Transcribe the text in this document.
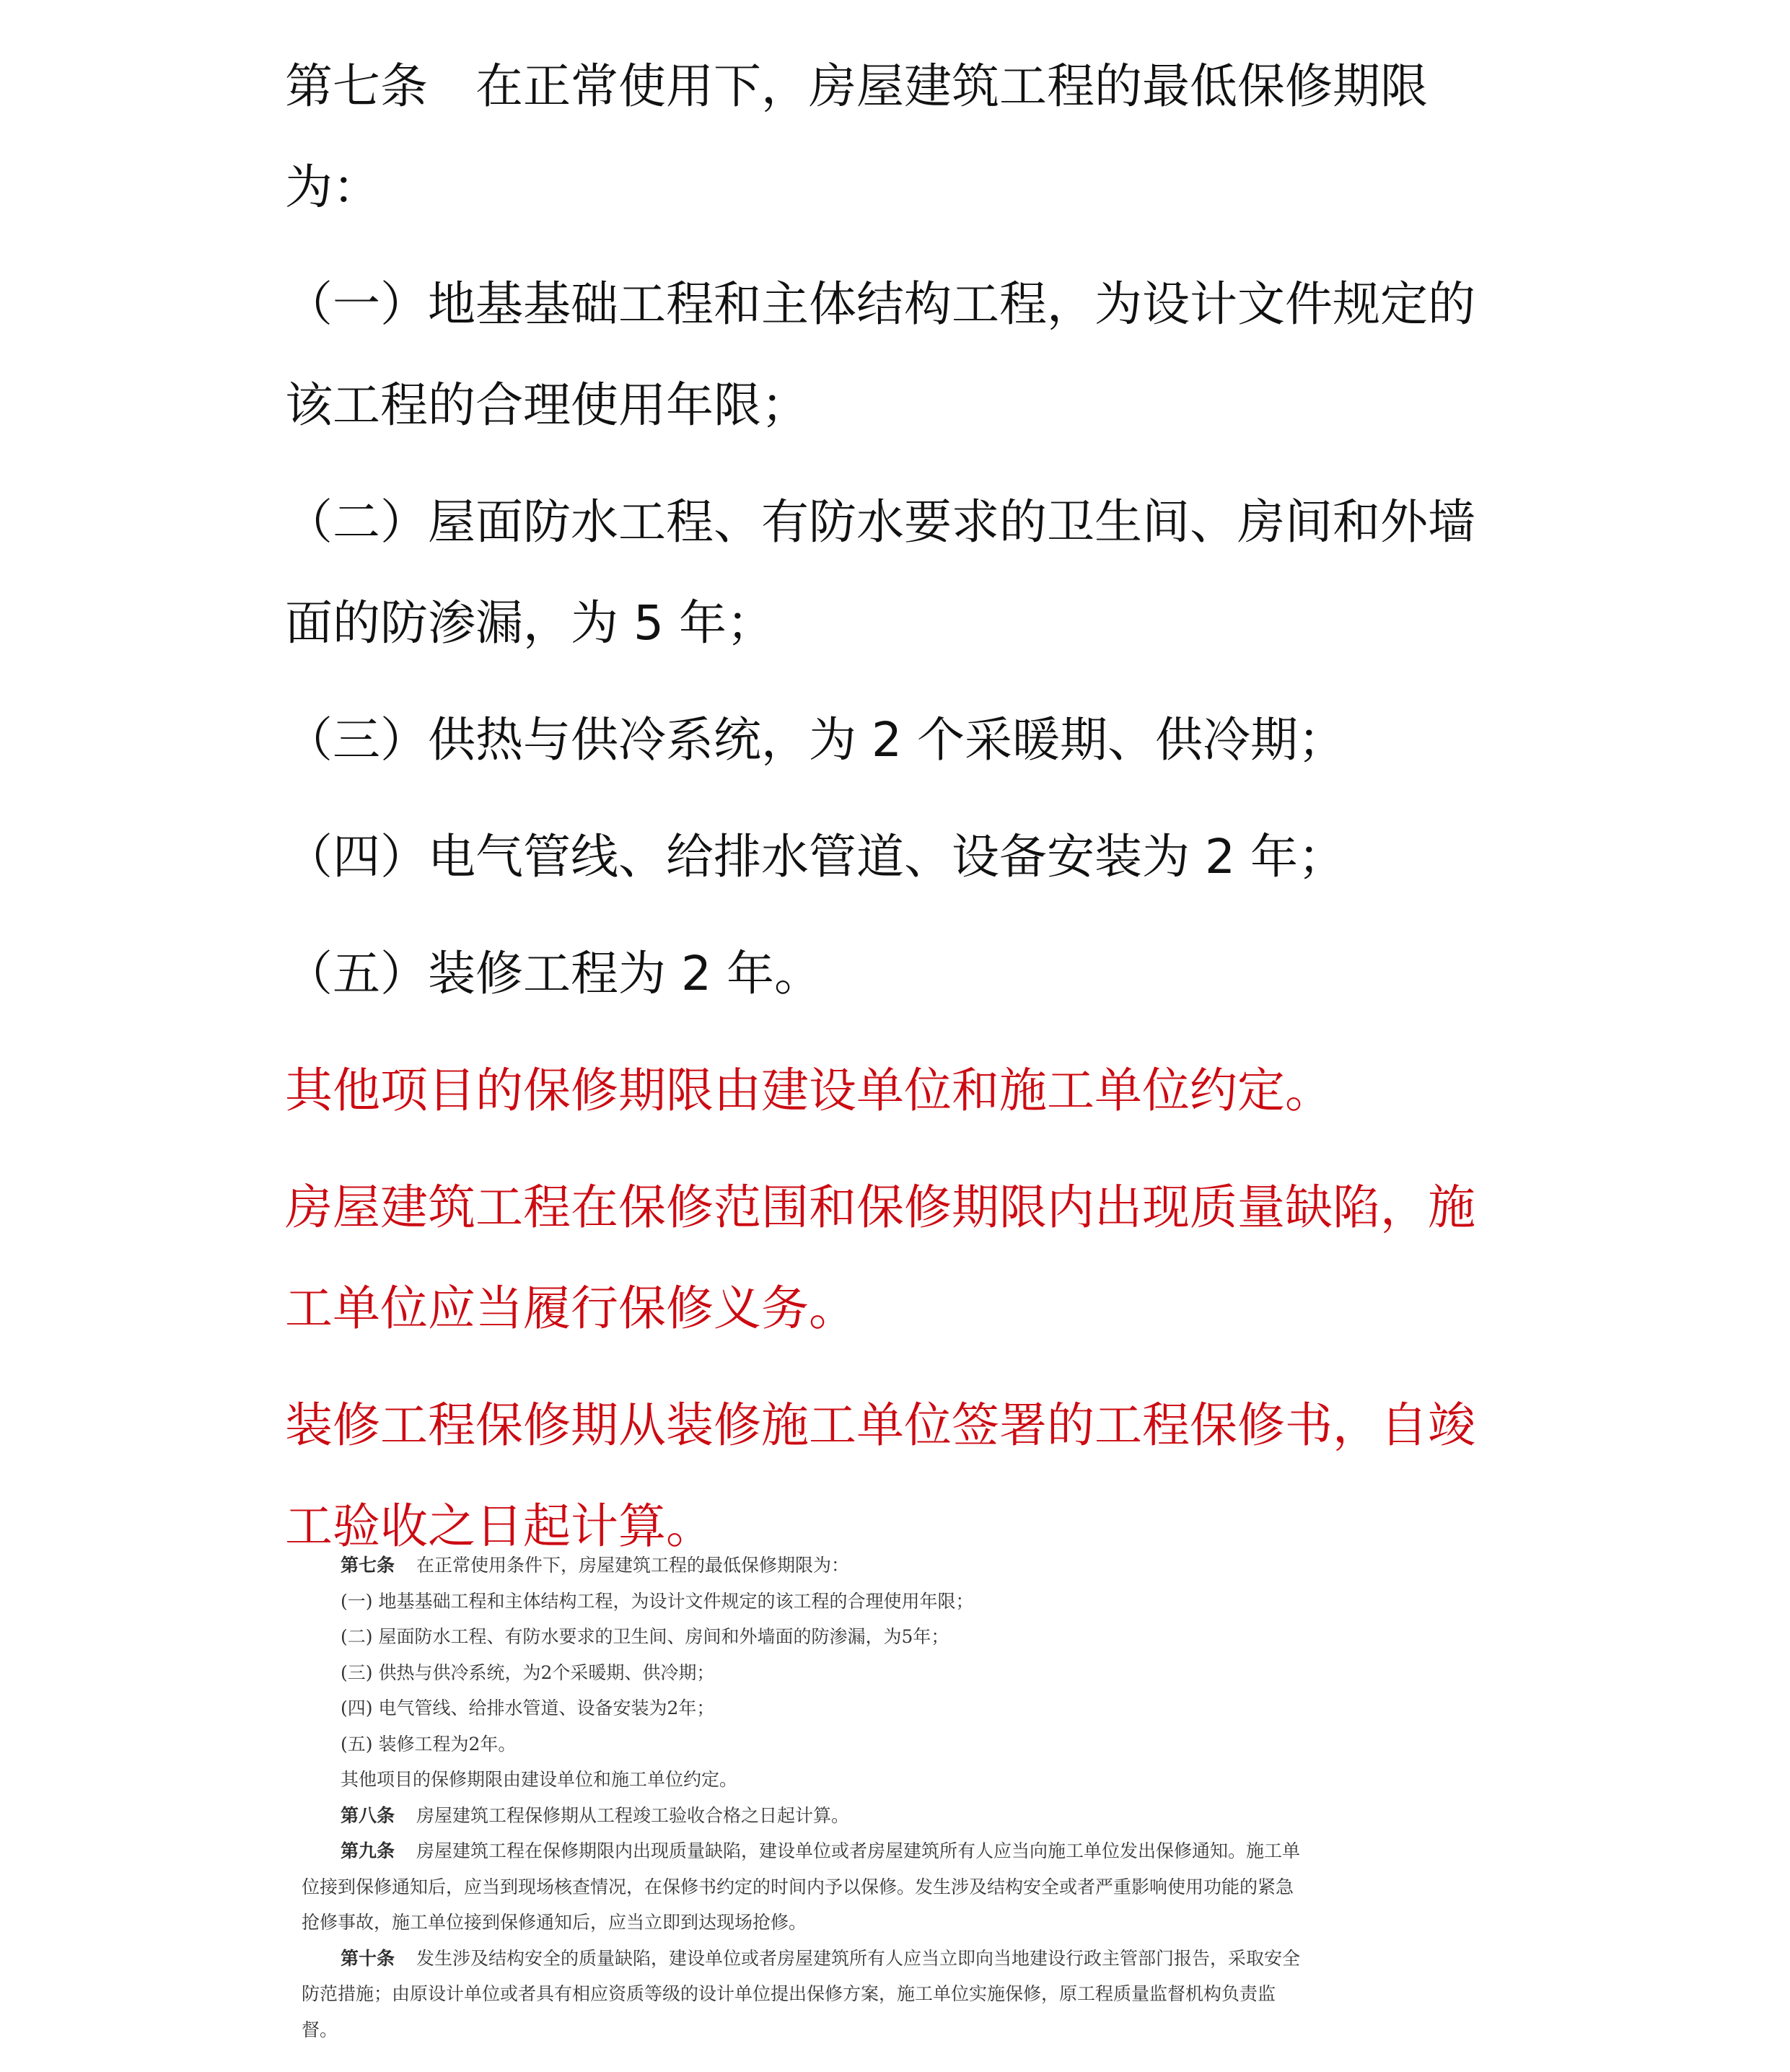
第七条 在正常使用下，房屋建筑工程的最低保修期限

为：

（一）地基基础工程和主体结构工程，为设计文件规定的

该工程的合理使用年限；

（二）屋面防水工程、有防水要求的卫生间、房间和外墙

面的防渗漏，为 5 年；

（三）供热与供冷系统，为 2 个采暖期、供冷期；

（四）电气管线、给排水管道、设备安装为 2 年；

（五）装修工程为 2 年。

其他项目的保修期限由建设单位和施工单位约定。

房屋建筑工程在保修范围和保修期限内出现质量缺陷，施

工单位应当履行保修义务。

装修工程保修期从装修施工单位签署的工程保修书，自竣

工验收之日起计算。

第七条 在正常使用条件下，房屋建筑工程的最低保修期限为：

(一) 地基基础工程和主体结构工程，为设计文件规定的该工程的合理使用年限；

(二) 屋面防水工程、有防水要求的卫生间、房间和外墙面的防渗漏，为5年；

(三) 供热与供冷系统，为2个采暖期、供冷期；

(四) 电气管线、给排水管道、设备安装为2年；

(五) 装修工程为2年。

其他项目的保修期限由建设单位和施工单位约定。

第八条 房屋建筑工程保修期从工程竣工验收合格之日起计算。

第九条 房屋建筑工程在保修期限内出现质量缺陷，建设单位或者房屋建筑所有人应当向施工单位发出保修通知。施工单

位接到保修通知后，应当到现场核查情况，在保修书约定的时间内予以保修。发生涉及结构安全或者严重影响使用功能的紧急

抢修事故，施工单位接到保修通知后，应当立即到达现场抢修。

第十条 发生涉及结构安全的质量缺陷，建设单位或者房屋建筑所有人应当立即向当地建设行政主管部门报告，采取安全

防范措施；由原设计单位或者具有相应资质等级的设计单位提出保修方案，施工单位实施保修，原工程质量监督机构负责监

督。
